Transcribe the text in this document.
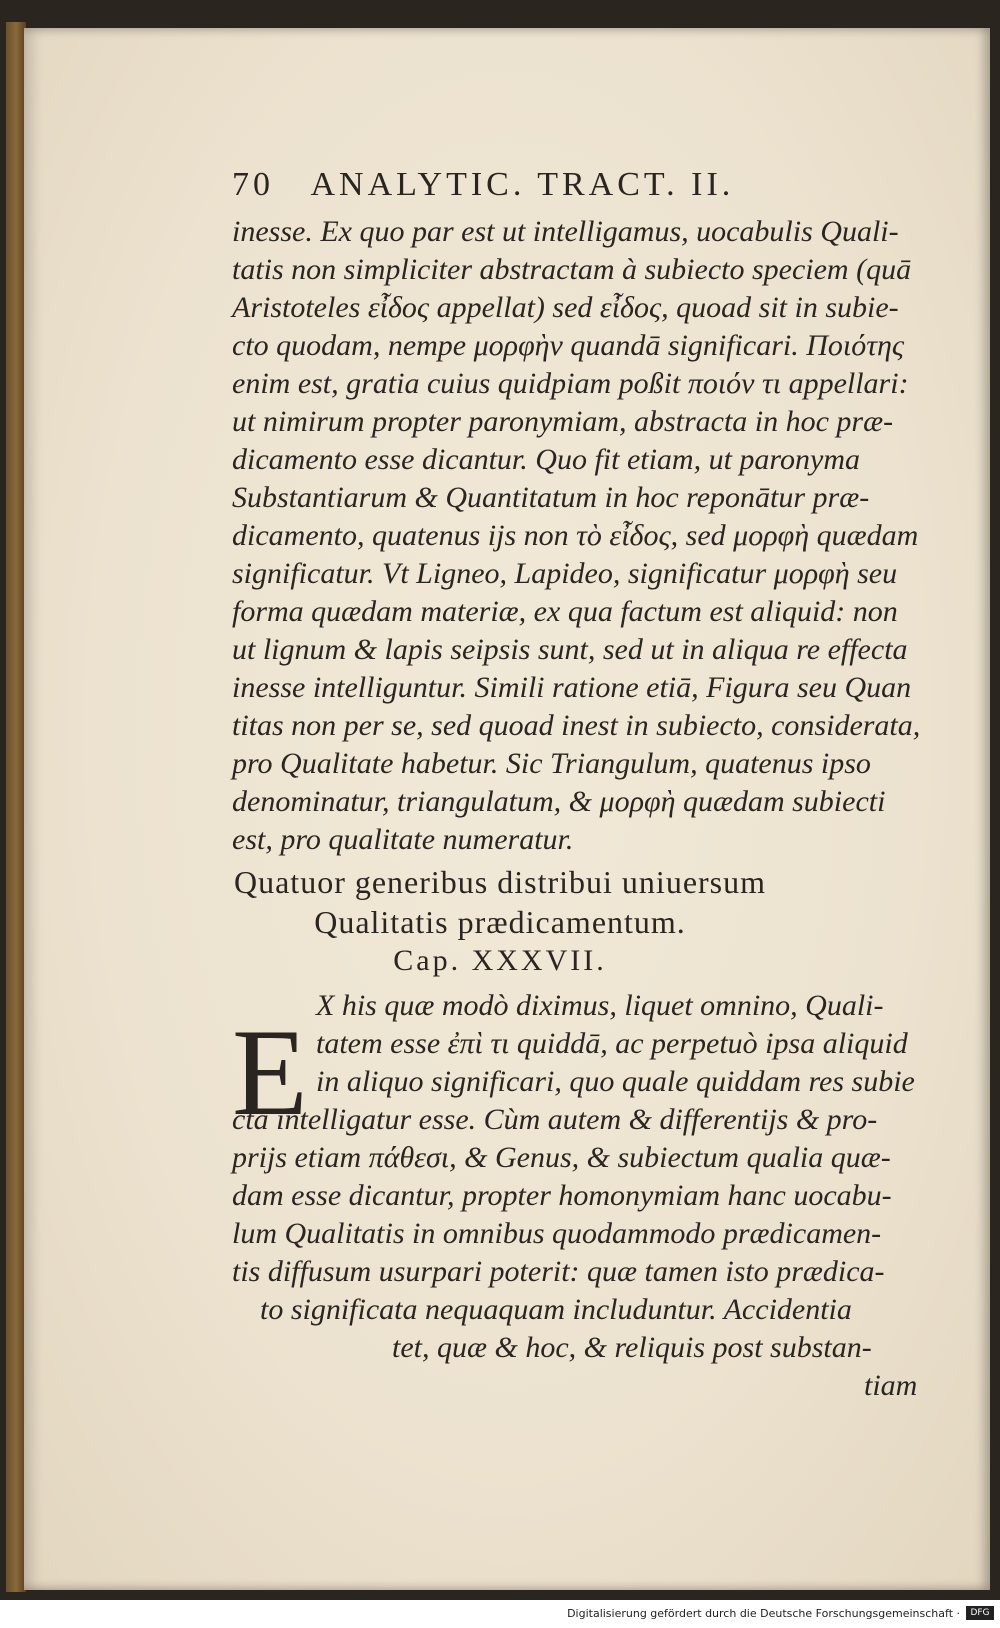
70 ANALYTIC. TRACT. II.
inesse. Ex quo par est ut intelligamus, uocabulis Quali-
tatis non simpliciter abstractam à subiecto speciem (quā
Aristoteles εἶδος appellat) sed εἶδος, quoad sit in subie-
cto quodam, nempe μορφὴν quandā significari. Ποιότης
enim est, gratia cuius quidpiam poßit ποιόν τι appellari:
ut nimirum propter paronymiam, abstracta in hoc præ-
dicamento esse dicantur. Quo fit etiam, ut paronyma
Substantiarum & Quantitatum in hoc reponātur præ-
dicamento, quatenus ijs non τὸ εἶδος, sed μορφὴ quædam
significatur. Vt Ligneo, Lapideo, significatur μορφὴ seu
forma quædam materiæ, ex qua factum est aliquid: non
ut lignum & lapis seipsis sunt, sed ut in aliqua re effecta
inesse intelliguntur. Simili ratione etiā, Figura seu Quan
titas non per se, sed quoad inest in subiecto, considerata,
pro Qualitate habetur. Sic Triangulum, quatenus ipso
denominatur, triangulatum, & μορφὴ quædam subiecti
est, pro qualitate numeratur.
Quatuor generibus distribui uniuersum
Qualitatis prædicamentum.
Cap. XXXVII.
E X his quæ modò diximus, liquet omnino, Quali-
tatem esse ἐπὶ τι quiddā, ac perpetuò ipsa aliquid
in aliquo significari, quo quale quiddam res subie
cta intelligatur esse. Cùm autem & differentijs & pro-
prijs etiam πάθεσι, & Genus, & subiectum qualia quæ-
dam esse dicantur, propter homonymiam hanc uocabu-
lum Qualitatis in omnibus quodammodo prædicamen-
tis diffusum usurpari poterit: quæ tamen isto prædica-
to significata nequaquam includuntur. Accidentia
tet, quæ & hoc, & reliquis post substan-
tiam
Digitalisierung gefördert durch die Deutsche Forschungsgemeinschaft ·	DFG
